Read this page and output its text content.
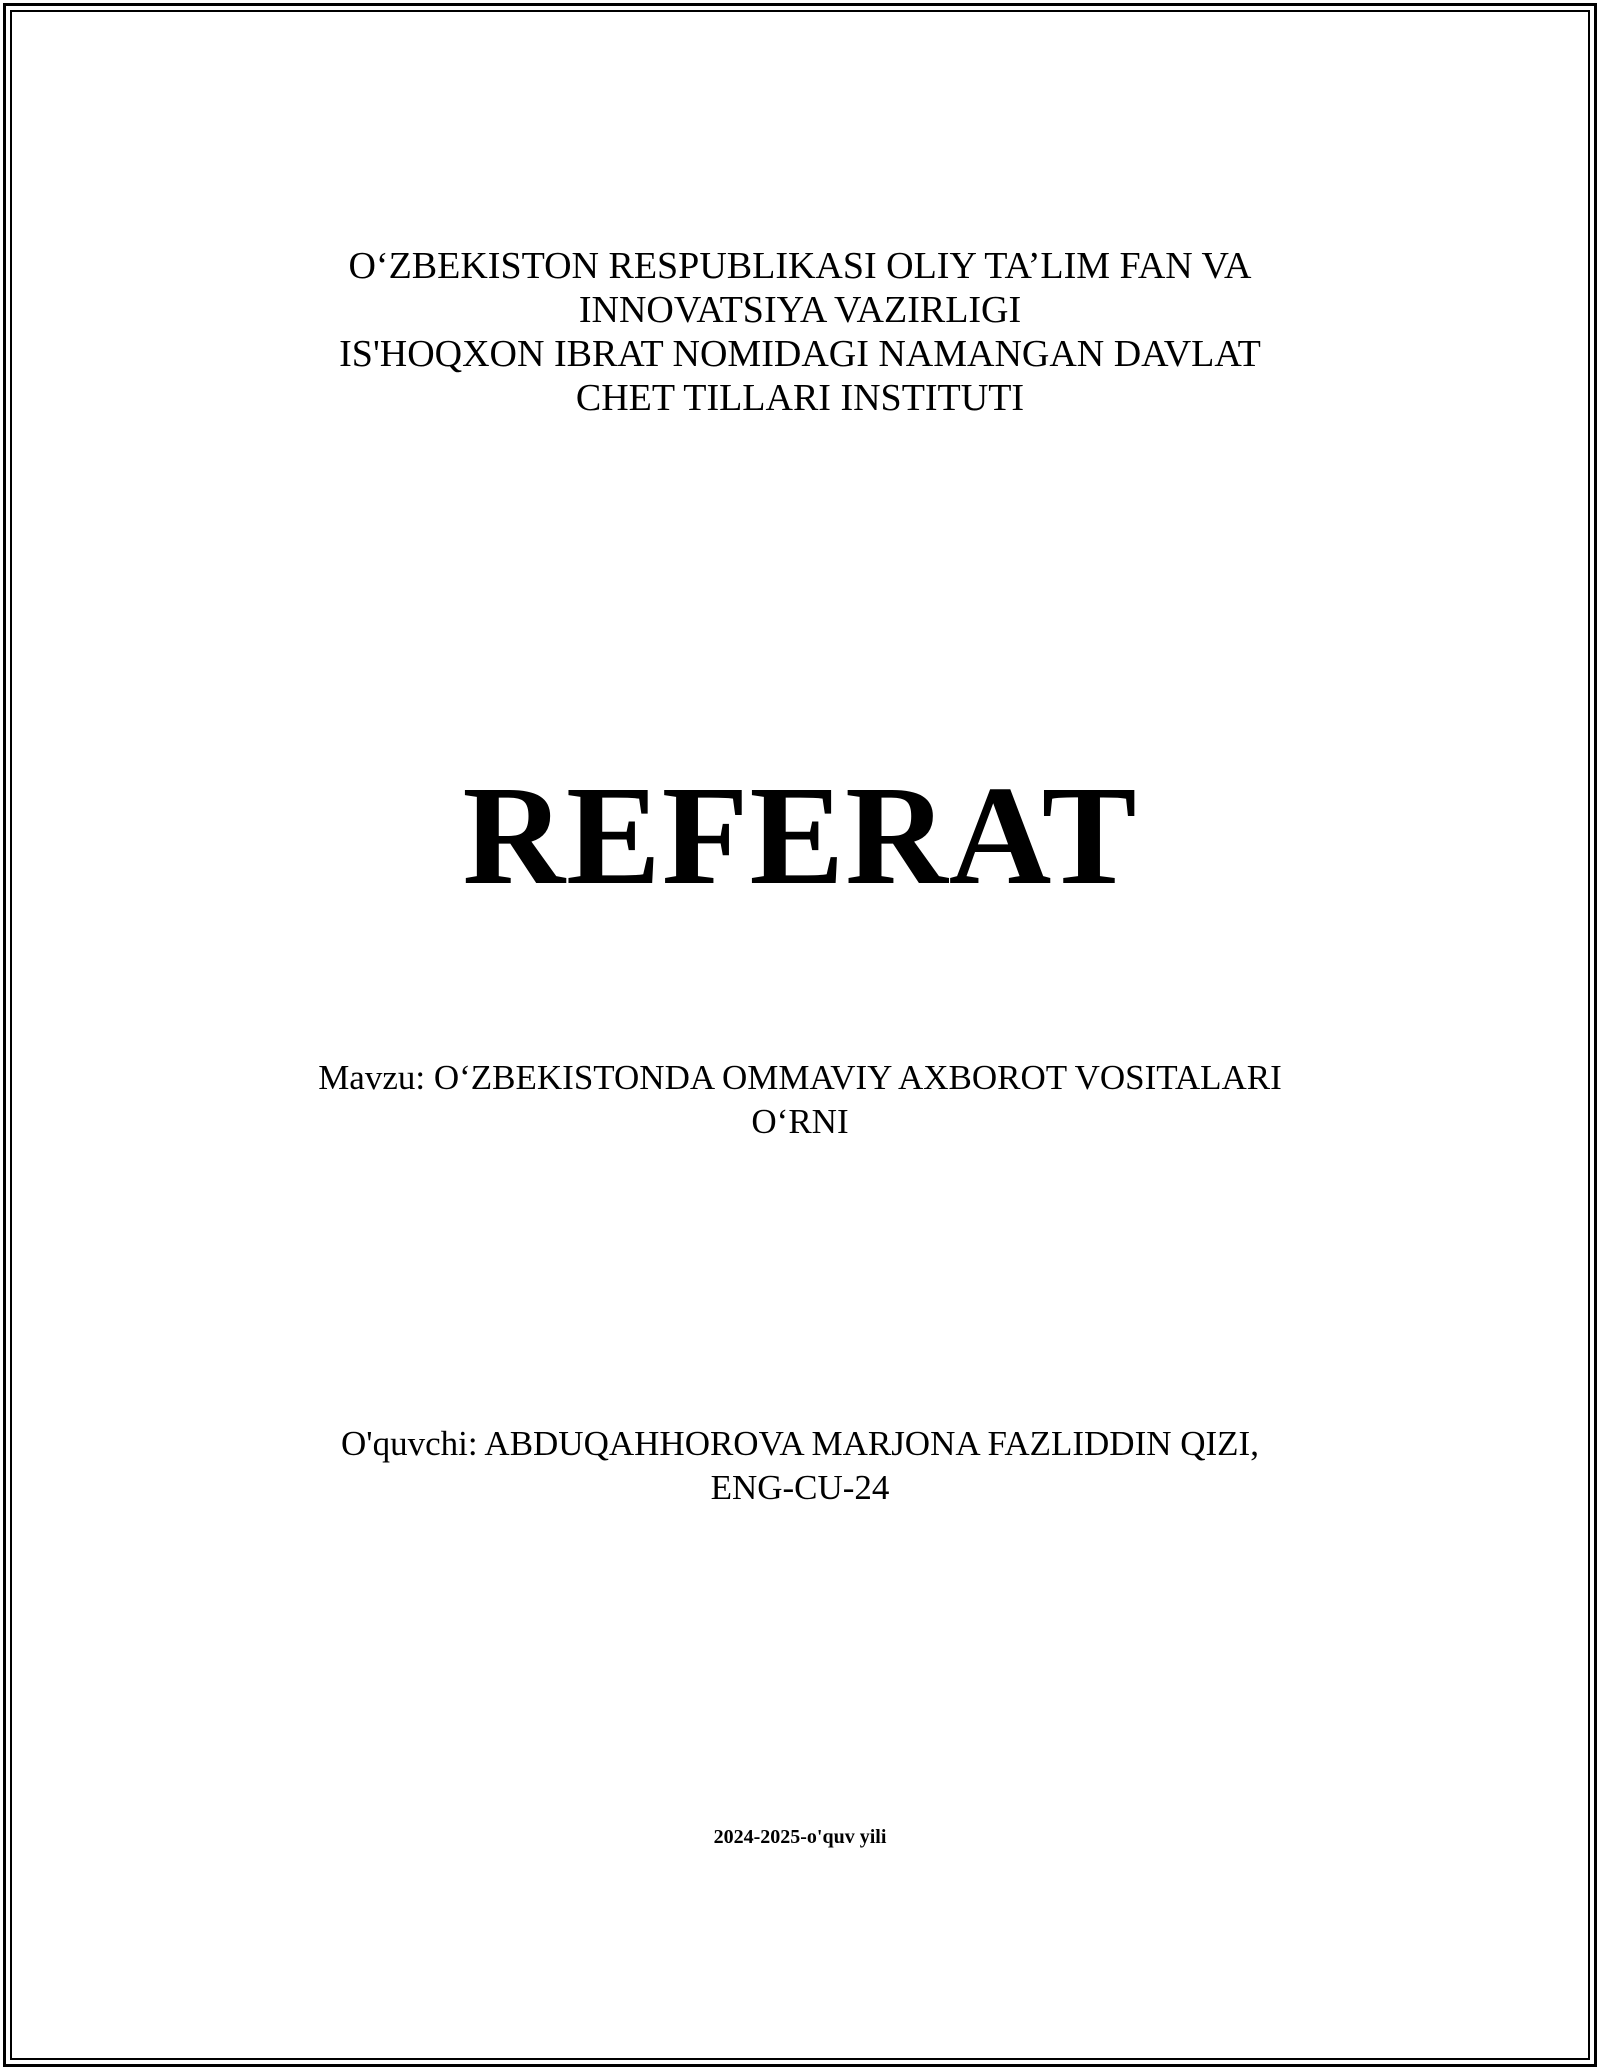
O‘ZBEKISTON RESPUBLIKASI OLIY TA’LIM FAN VA
INNOVATSIYA VAZIRLIGI
IS'HOQXON IBRAT NOMIDAGI NAMANGAN DAVLAT
CHET TILLARI INSTITUTI
REFERAT
Mavzu: O‘ZBEKISTONDA OMMAVIY AXBOROT VOSITALARI
O‘RNI
O'quvchi: ABDUQAHHOROVA MARJONA FAZLIDDIN QIZI,
ENG-CU-24
2024-2025-o'quv yili
